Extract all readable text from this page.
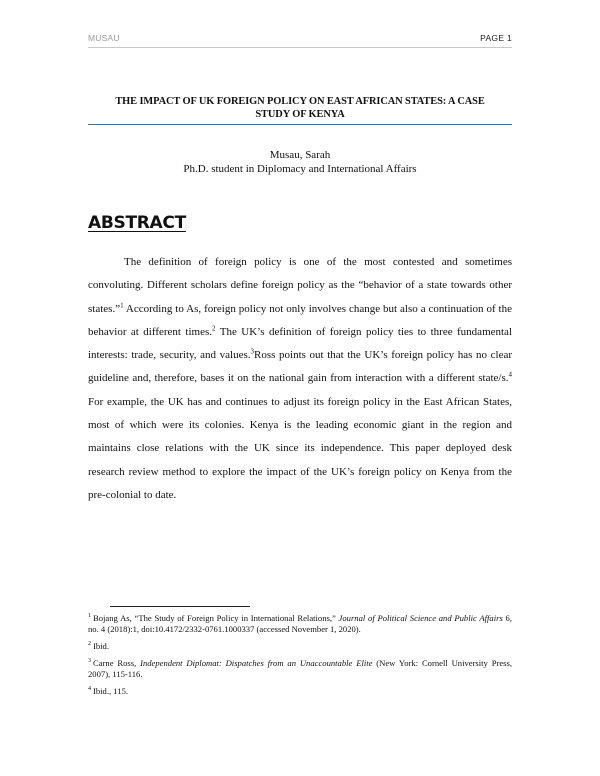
MUSAU	PAGE 1
THE IMPACT OF UK FOREIGN POLICY ON EAST AFRICAN STATES: A CASE
STUDY OF KENYA
Musau, Sarah
Ph.D. student in Diplomacy and International Affairs
ABSTRACT

The definition of foreign policy is one of the most contested and sometimes convoluting. Different scholars define foreign policy as the “behavior of a state towards other states.”$^1$ According to As, foreign policy not only involves change but also a continuation of the behavior at different times.$^2$ The UK’s definition of foreign policy ties to three fundamental interests: trade, security, and values.$^3$Ross points out that the UK’s foreign policy has no clear guideline and, therefore, bases it on the national gain from interaction with a different state/s.$^4$ For example, the UK has and continues to adjust its foreign policy in the East African States, most of which were its colonies. Kenya is the leading economic giant in the region and maintains close relations with the UK since its independence. This paper deployed desk research review method to explore the impact of the UK’s foreign policy on Kenya from the pre-colonial to date.

$^1$ Bojang As, “The Study of Foreign Policy in International Relations,” Journal of Political Science and Public Affairs 6, no. 4 (2018):1, doi:10.4172/2332-0761.1000337 (accessed November 1, 2020).

$^2$ Ibid.

$^3$ Carne Ross, Independent Diplomat: Dispatches from an Unaccountable Elite (New York: Cornell University Press, 2007), 115-116.

$^4$ Ibid., 115.
